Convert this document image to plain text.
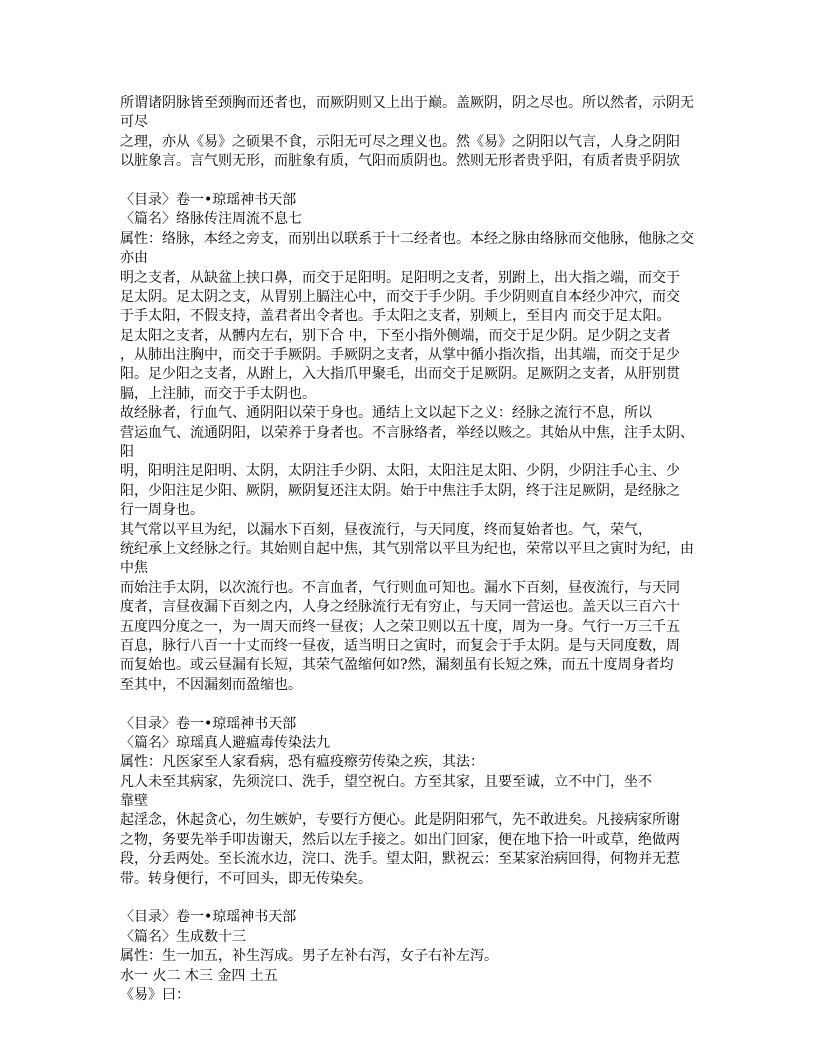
所谓诸阴脉皆至颈胸而还者也，而厥阴则又上出于巅。盖厥阴，阴之尽也。所以然者，示阴无
可尽
之理，亦从《易》之硕果不食，示阳无可尽之理义也。然《易》之阴阳以气言，人身之阴阳
以脏象言。言气则无形，而脏象有质，气阳而质阴也。然则无形者贵乎阳，有质者贵乎阴欤
〈目录〉卷一•琼瑶神书天部
〈篇名〉络脉传注周流不息七
属性：络脉，本经之旁支，而别出以联系于十二经者也。本经之脉由络脉而交他脉，他脉之交
亦由
明之支者，从缺盆上挟口鼻，而交于足阳明。足阳明之支者，别跗上，出大指之端，而交于
足太阴。足太阴之支，从胃别上膈注心中，而交于手少阴。手少阴则直自本经少冲穴，而交
于手太阳，不假支持，盖君者出令者也。手太阳之支者，别颊上，至目内 而交于足太阳。
足太阳之支者，从髆内左右，别下合 中，下至小指外侧端，而交于足少阴。足少阴之支者
，从肺出注胸中，而交于手厥阴。手厥阴之支者，从掌中循小指次指，出其端，而交于足少
阳。足少阳之支者，从跗上，入大指爪甲聚毛，出而交于足厥阴。足厥阴之支者，从肝别贯
膈，上注肺，而交于手太阴也。
故经脉者，行血气、通阴阳以荣于身也。通结上文以起下之义：经脉之流行不息，所以
营运血气、流通阴阳，以荣养于身者也。不言脉络者，举经以赅之。其始从中焦，注手太阴、
阳
明，阳明注足阳明、太阴，太阴注手少阴、太阳，太阳注足太阳、少阴，少阴注手心主、少
阳，少阳注足少阳、厥阴，厥阴复还注太阴。始于中焦注手太阴，终于注足厥阴，是经脉之
行一周身也。
其气常以平旦为纪，以漏水下百刻，昼夜流行，与天同度，终而复始者也。气，荣气，
统纪承上文经脉之行。其始则自起中焦，其气别常以平旦为纪也，荣常以平旦之寅时为纪，由
中焦
而始注手太阴，以次流行也。不言血者，气行则血可知也。漏水下百刻，昼夜流行，与天同
度者，言昼夜漏下百刻之内，人身之经脉流行无有穷止，与天同一营运也。盖天以三百六十
五度四分度之一，为一周天而终一昼夜；人之荣卫则以五十度，周为一身。气行一万三千五
百息，脉行八百一十丈而终一昼夜，适当明日之寅时，而复会于手太阴。是与天同度数，周
而复始也。或云昼漏有长短，其荣气盈缩何如?然，漏刻虽有长短之殊，而五十度周身者均
至其中，不因漏刻而盈缩也。
〈目录〉卷一•琼瑶神书天部
〈篇名〉琼瑶真人避瘟毒传染法九
属性：凡医家至人家看病，恐有瘟疫瘵劳传染之疾，其法：
凡人未至其病家，先须浣口、洗手，望空祝白。方至其家，且要至诚，立不中门，坐不
靠壁
起淫念，休起贪心，勿生嫉妒，专要行方便心。此是阴阳邪气，先不敢进矣。凡接病家所谢
之物，务要先举手叩齿谢天，然后以左手接之。如出门回家，便在地下拾一叶或草，绝做两
段，分丢两处。至长流水边，浣口、洗手。望太阳，默祝云：至某家治病回得，何物并无惹
带。转身便行，不可回头，即无传染矣。
〈目录〉卷一•琼瑶神书天部
〈篇名〉生成数十三
属性：生一加五，补生泻成。男子左补右泻，女子右补左泻。
水一 火二 木三 金四 土五
《易》曰：
